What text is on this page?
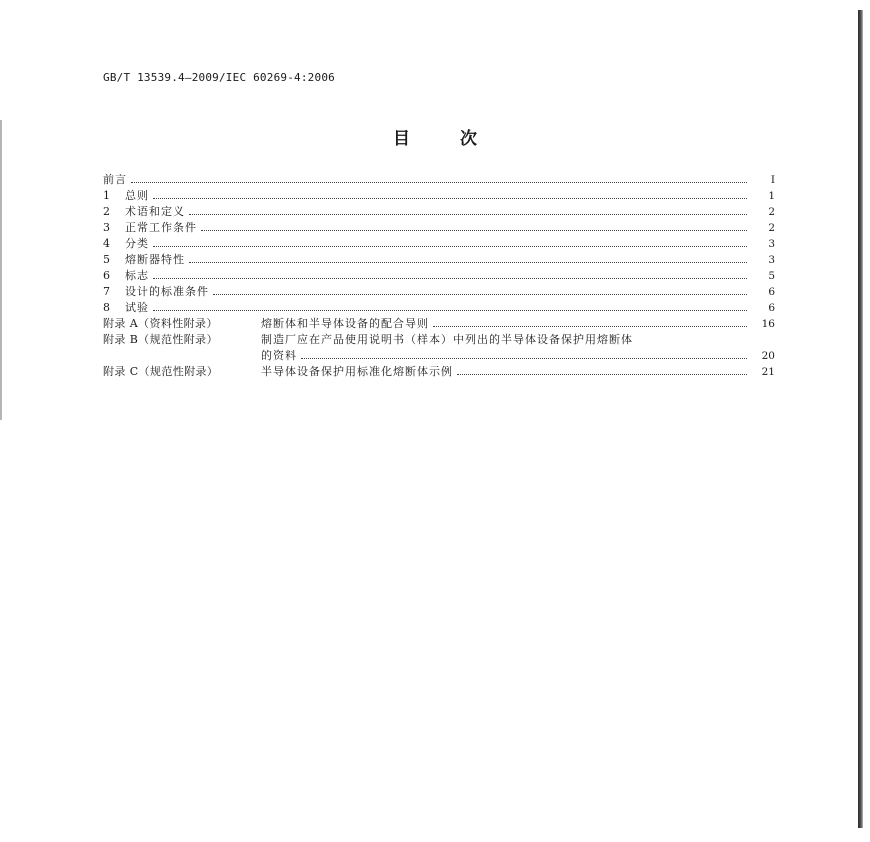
GB/T 13539.4—2009/IEC 60269-4:2006
目	次
前言	Ⅰ
1	总则	1
2	术语和定义	2
3	正常工作条件	2
4	分类	3
5	熔断器特性	3
6	标志	5
7	设计的标准条件	6
8	试验	6
附录 A（资料性附录）	熔断体和半导体设备的配合导则	16
附录 B（规范性附录）	制造厂应在产品使用说明书（样本）中列出的半导体设备保护用熔断体
的资料	20
附录 C（规范性附录）	半导体设备保护用标准化熔断体示例	21
